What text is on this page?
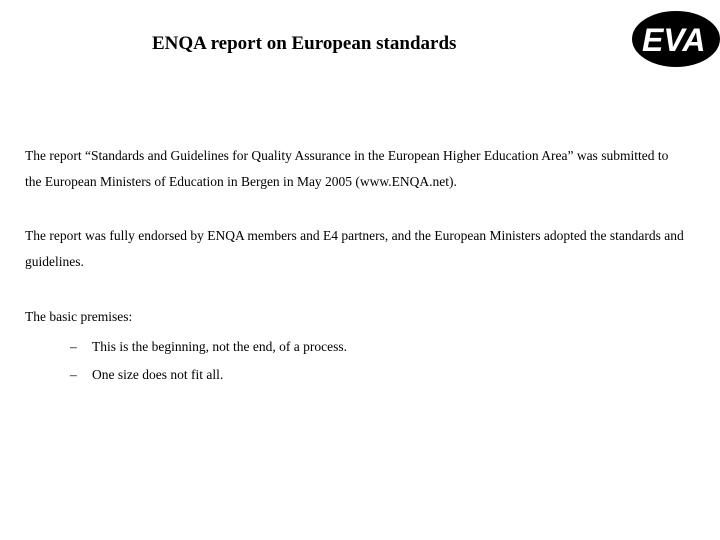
ENQA report on European standards	EVA

The report “Standards and Guidelines for Quality Assurance in the European Higher Education Area” was submitted to the European Ministers of Education in Bergen in May 2005 (www.ENQA.net).

The report was fully endorsed by ENQA members and E4 partners, and the European Ministers adopted the standards and guidelines.

The basic premises:

–	This is the beginning, not the end, of a process.
–	One size does not fit all.
